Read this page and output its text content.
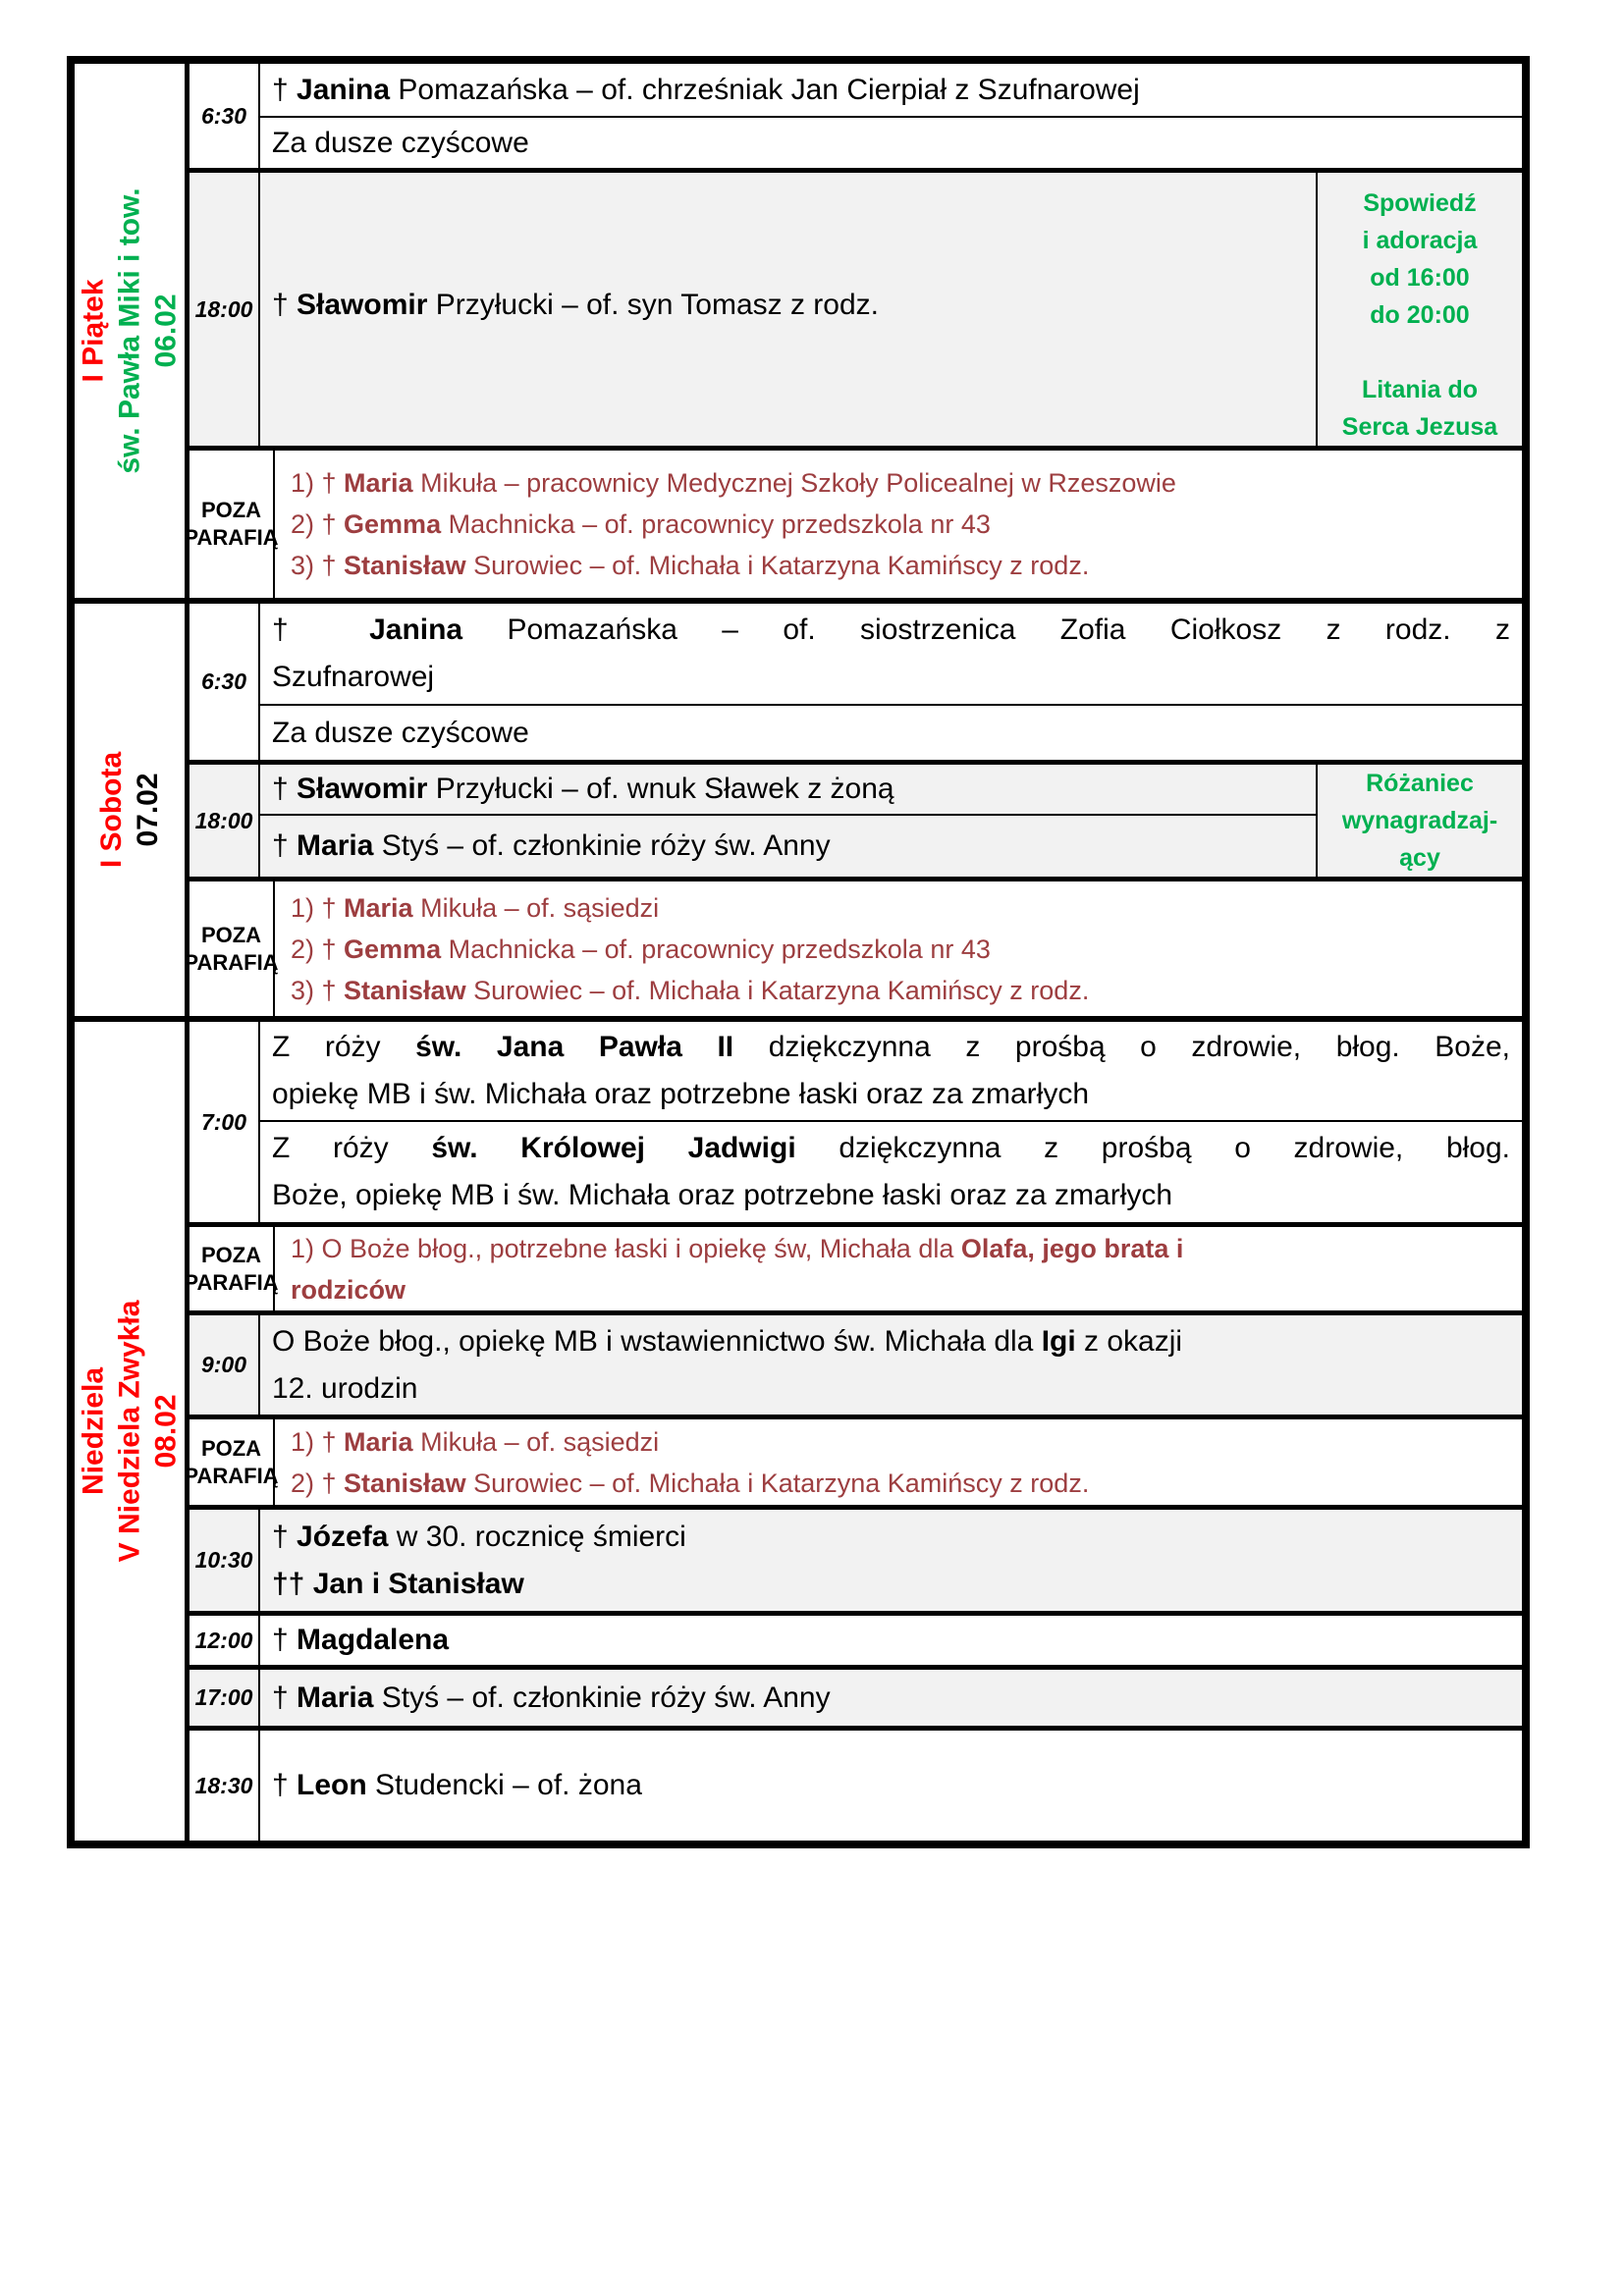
I Piątek św. Pawła Miki i tow. 06.02
6:30
† Janina Pomazańska – of. chrześniak Jan Cierpiał z Szufnarowej
Za dusze czyścowe
18:00 † Sławomir Przyłucki – of. syn Tomasz z rodz.
Spowiedź
i adoracja
od 16:00
do 20:00
Litania do
Serca Jezusa
POZA
PARAFIĄ
1) † Maria Mikuła – pracownicy Medycznej Szkoły Policealnej w Rzeszowie
2) † Gemma Machnicka – of. pracownicy przedszkola nr 43
3) † Stanisław Surowiec – of. Michała i Katarzyna Kamińscy z rodz.
I Sobota 07.02
6:30
† Janina Pomazańska – of. siostrzenica Zofia Ciołkosz z rodz. z
Szufnarowej
Za dusze czyścowe
18:00
† Sławomir Przyłucki – of. wnuk Sławek z żoną
† Maria Styś – of. członkinie róży św. Anny
Różaniec
wynagradzaj-
ący
POZA
PARAFIĄ
1) † Maria Mikuła – of. sąsiedzi
2) † Gemma Machnicka – of. pracownicy przedszkola nr 43
3) † Stanisław Surowiec – of. Michała i Katarzyna Kamińscy z rodz.
Niedziela V Niedziela Zwykła 08.02
7:00
Z róży św. Jana Pawła II dziękczynna z prośbą o zdrowie, błog. Boże,
opiekę MB i św. Michała oraz potrzebne łaski oraz za zmarłych
Z róży św. Królowej Jadwigi dziękczynna z prośbą o zdrowie, błog.
Boże, opiekę MB i św. Michała oraz potrzebne łaski oraz za zmarłych
POZA
PARAFIĄ
1) O Boże błog., potrzebne łaski i opiekę św, Michała dla Olafa, jego brata i
rodziców
9:00
O Boże błog., opiekę MB i wstawiennictwo św. Michała dla Igi z okazji
12. urodzin
POZA
PARAFIĄ
1) † Maria Mikuła – of. sąsiedzi
2) † Stanisław Surowiec – of. Michała i Katarzyna Kamińscy z rodz.
10:30
† Józefa w 30. rocznicę śmierci
†† Jan i Stanisław
12:00 † Magdalena
17:00 † Maria Styś – of. członkinie róży św. Anny
18:30 † Leon Studencki – of. żona
